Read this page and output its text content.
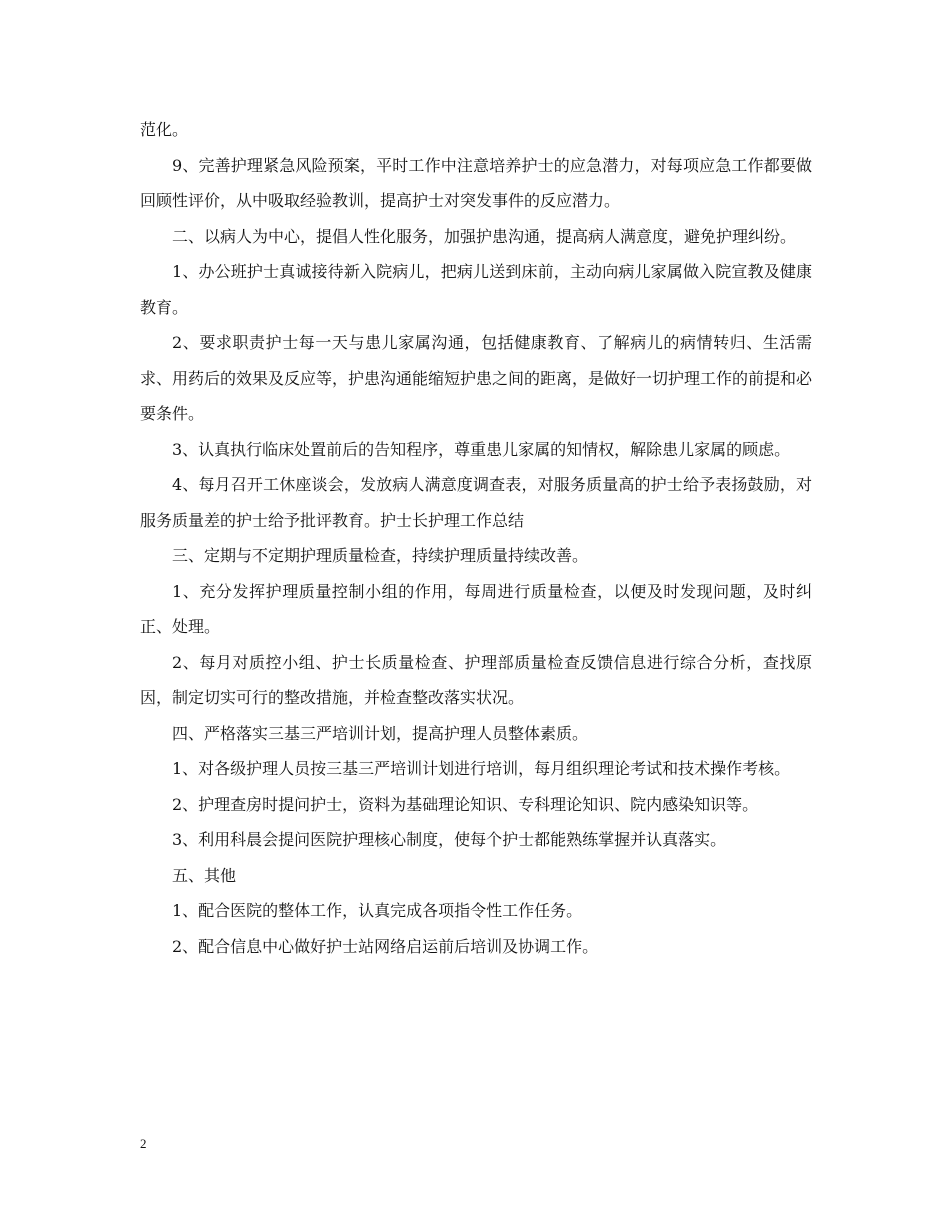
范化。

9、完善护理紧急风险预案，平时工作中注意培养护士的应急潜力，对每项应急工作都要做回顾性评价，从中吸取经验教训，提高护士对突发事件的反应潜力。

二、以病人为中心，提倡人性化服务，加强护患沟通，提高病人满意度，避免护理纠纷。

1、办公班护士真诚接待新入院病儿，把病儿送到床前，主动向病儿家属做入院宣教及健康教育。

2、要求职责护士每一天与患儿家属沟通，包括健康教育、了解病儿的病情转归、生活需求、用药后的效果及反应等，护患沟通能缩短护患之间的距离，是做好一切护理工作的前提和必要条件。

3、认真执行临床处置前后的告知程序，尊重患儿家属的知情权，解除患儿家属的顾虑。

4、每月召开工休座谈会，发放病人满意度调查表，对服务质量高的护士给予表扬鼓励，对服务质量差的护士给予批评教育。护士长护理工作总结

三、定期与不定期护理质量检查，持续护理质量持续改善。

1、充分发挥护理质量控制小组的作用，每周进行质量检查，以便及时发现问题，及时纠正、处理。

2、每月对质控小组、护士长质量检查、护理部质量检查反馈信息进行综合分析，查找原因，制定切实可行的整改措施，并检查整改落实状况。

四、严格落实三基三严培训计划，提高护理人员整体素质。

1、对各级护理人员按三基三严培训计划进行培训，每月组织理论考试和技术操作考核。

2、护理查房时提问护士，资料为基础理论知识、专科理论知识、院内感染知识等。

3、利用科晨会提问医院护理核心制度，使每个护士都能熟练掌握并认真落实。

五、其他

1、配合医院的整体工作，认真完成各项指令性工作任务。

2、配合信息中心做好护士站网络启运前后培训及协调工作。

2
